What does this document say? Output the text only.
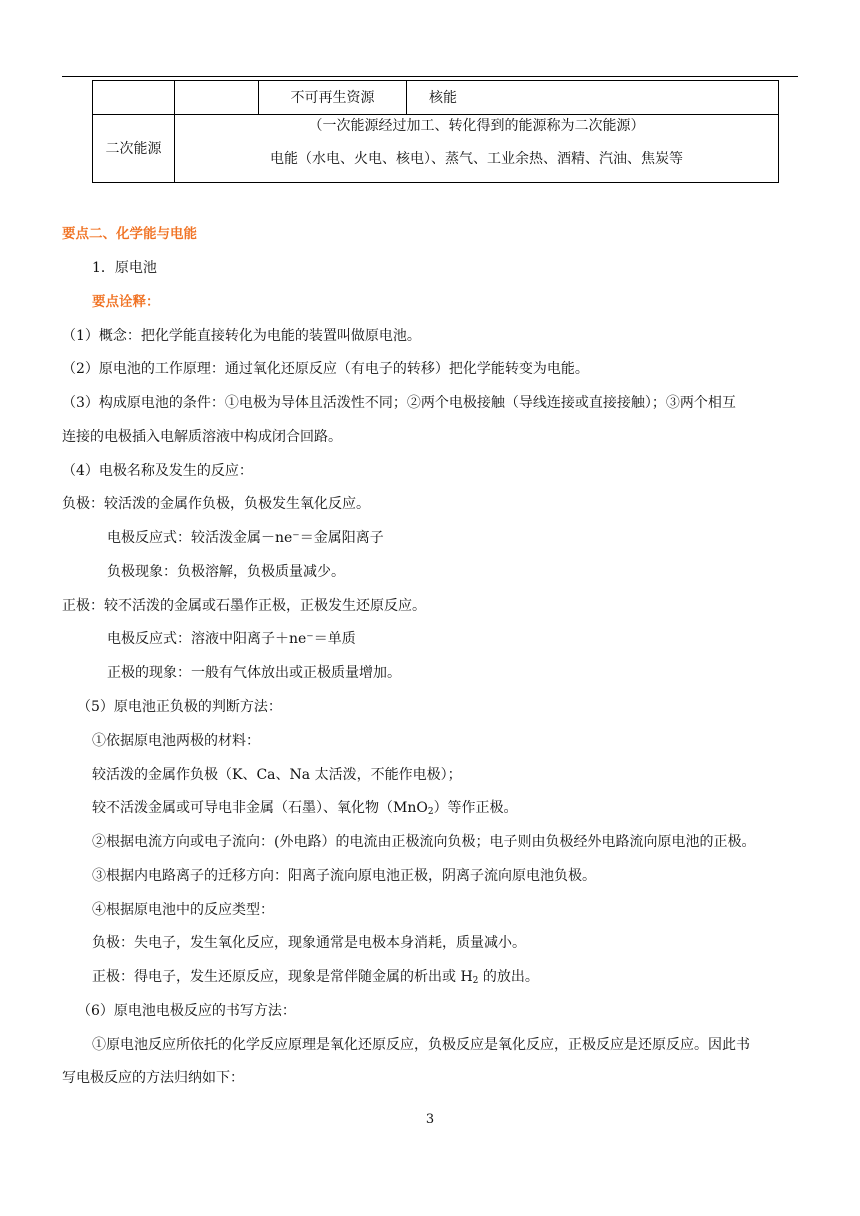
		不可再生资源	核能
二次能源	（一次能源经过加工、转化得到的能源称为二次能源）
电能（水电、火电、核电）、蒸气、工业余热、酒精、汽油、焦炭等		
要点二、化学能与电能
1．原电池
要点诠释：
（1）概念：把化学能直接转化为电能的装置叫做原电池。
（2）原电池的工作原理：通过氧化还原反应（有电子的转移）把化学能转变为电能。
（3）构成原电池的条件：①电极为导体且活泼性不同；②两个电极接触（导线连接或直接接触）；③两个相互
连接的电极插入电解质溶液中构成闭合回路。
（4）电极名称及发生的反应：
负极：较活泼的金属作负极，负极发生氧化反应。
电极反应式：较活泼金属－ne⁻＝金属阳离子
负极现象：负极溶解，负极质量减少。
正极：较不活泼的金属或石墨作正极，正极发生还原反应。
电极反应式：溶液中阳离子＋ne⁻＝单质
正极的现象：一般有气体放出或正极质量增加。
（5）原电池正负极的判断方法：
①依据原电池两极的材料：
较活泼的金属作负极（K、Ca、Na 太活泼，不能作电极）；
较不活泼金属或可导电非金属（石墨）、氧化物（MnO$_2$）等作正极。
②根据电流方向或电子流向：(外电路）的电流由正极流向负极；电子则由负极经外电路流向原电池的正极。
③根据内电路离子的迁移方向：阳离子流向原电池正极，阴离子流向原电池负极。
④根据原电池中的反应类型：
负极：失电子，发生氧化反应，现象通常是电极本身消耗，质量减小。
正极：得电子，发生还原反应，现象是常伴随金属的析出或 $H_2$ 的放出。
（6）原电池电极反应的书写方法：
①原电池反应所依托的化学反应原理是氧化还原反应，负极反应是氧化反应，正极反应是还原反应。因此书
写电极反应的方法归纳如下：
3
